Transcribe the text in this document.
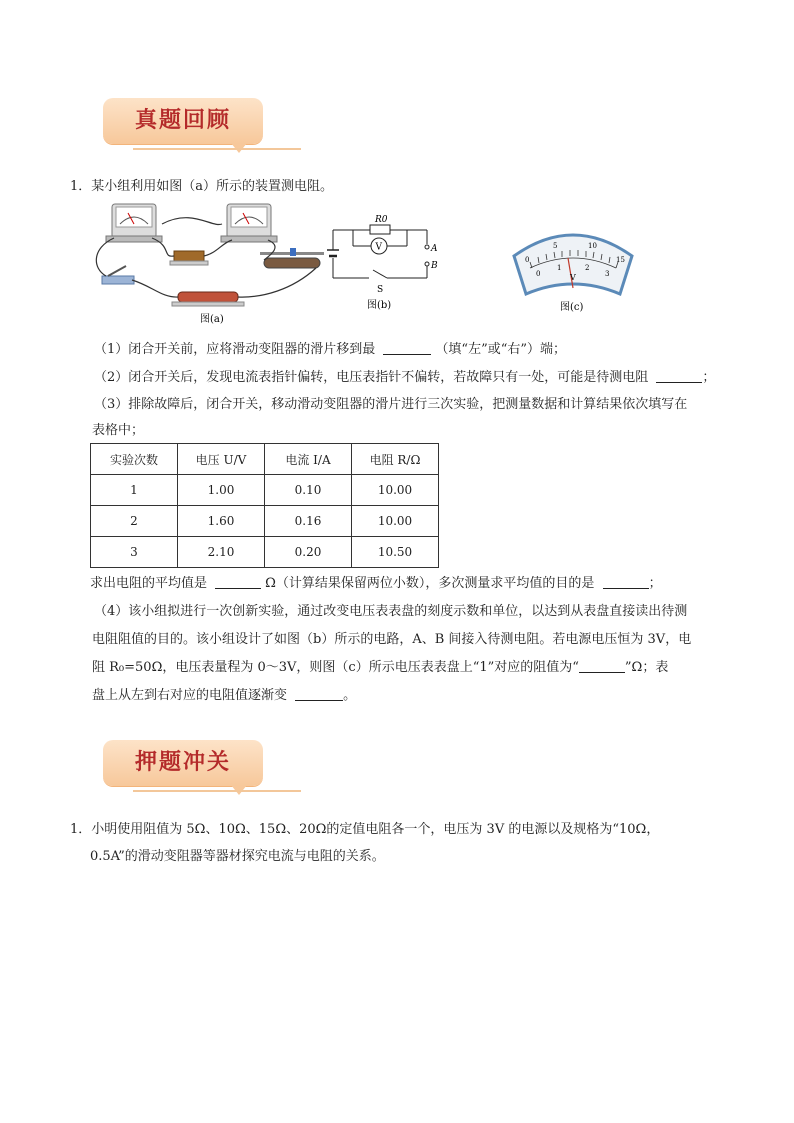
真题回顾
1．某小组利用如图（a）所示的装置测电阻。
图(a)
R0
V	A
B
S
图(b)
0
5	10
15
0
1	2
3
V
图(c)
（1）闭合开关前，应将滑动变阻器的滑片移到最	（填“左”或“右”）端；
（2）闭合开关后，发现电流表指针偏转，电压表指针不偏转，若故障只有一处，可能是待测电阻	；
（3）排除故障后，闭合开关，移动滑动变阻器的滑片进行三次实验，把测量数据和计算结果依次填写在
表格中；
实验次数	电压 U/V	电流 I/A	电阻 R/Ω
1	1.00	0.10	10.00
2	1.60	0.16	10.00
3	2.10	0.20	10.50
求出电阻的平均值是	Ω（计算结果保留两位小数），多次测量求平均值的目的是	；
（4）该小组拟进行一次创新实验，通过改变电压表表盘的刻度示数和单位，以达到从表盘直接读出待测
电阻阻值的目的。该小组设计了如图（b）所示的电路，A、B 间接入待测电阻。若电源电压恒为 3V，电
阻 R₀=50Ω，电压表量程为 0～3V，则图（c）所示电压表表盘上“1”对应的阻值为“	”Ω；表
盘上从左到右对应的电阻值逐渐变	。
押题冲关
1．小明使用阻值为 5Ω、10Ω、15Ω、20Ω的定值电阻各一个，电压为 3V 的电源以及规格为“10Ω，
0.5A”的滑动变阻器等器材探究电流与电阻的关系。
